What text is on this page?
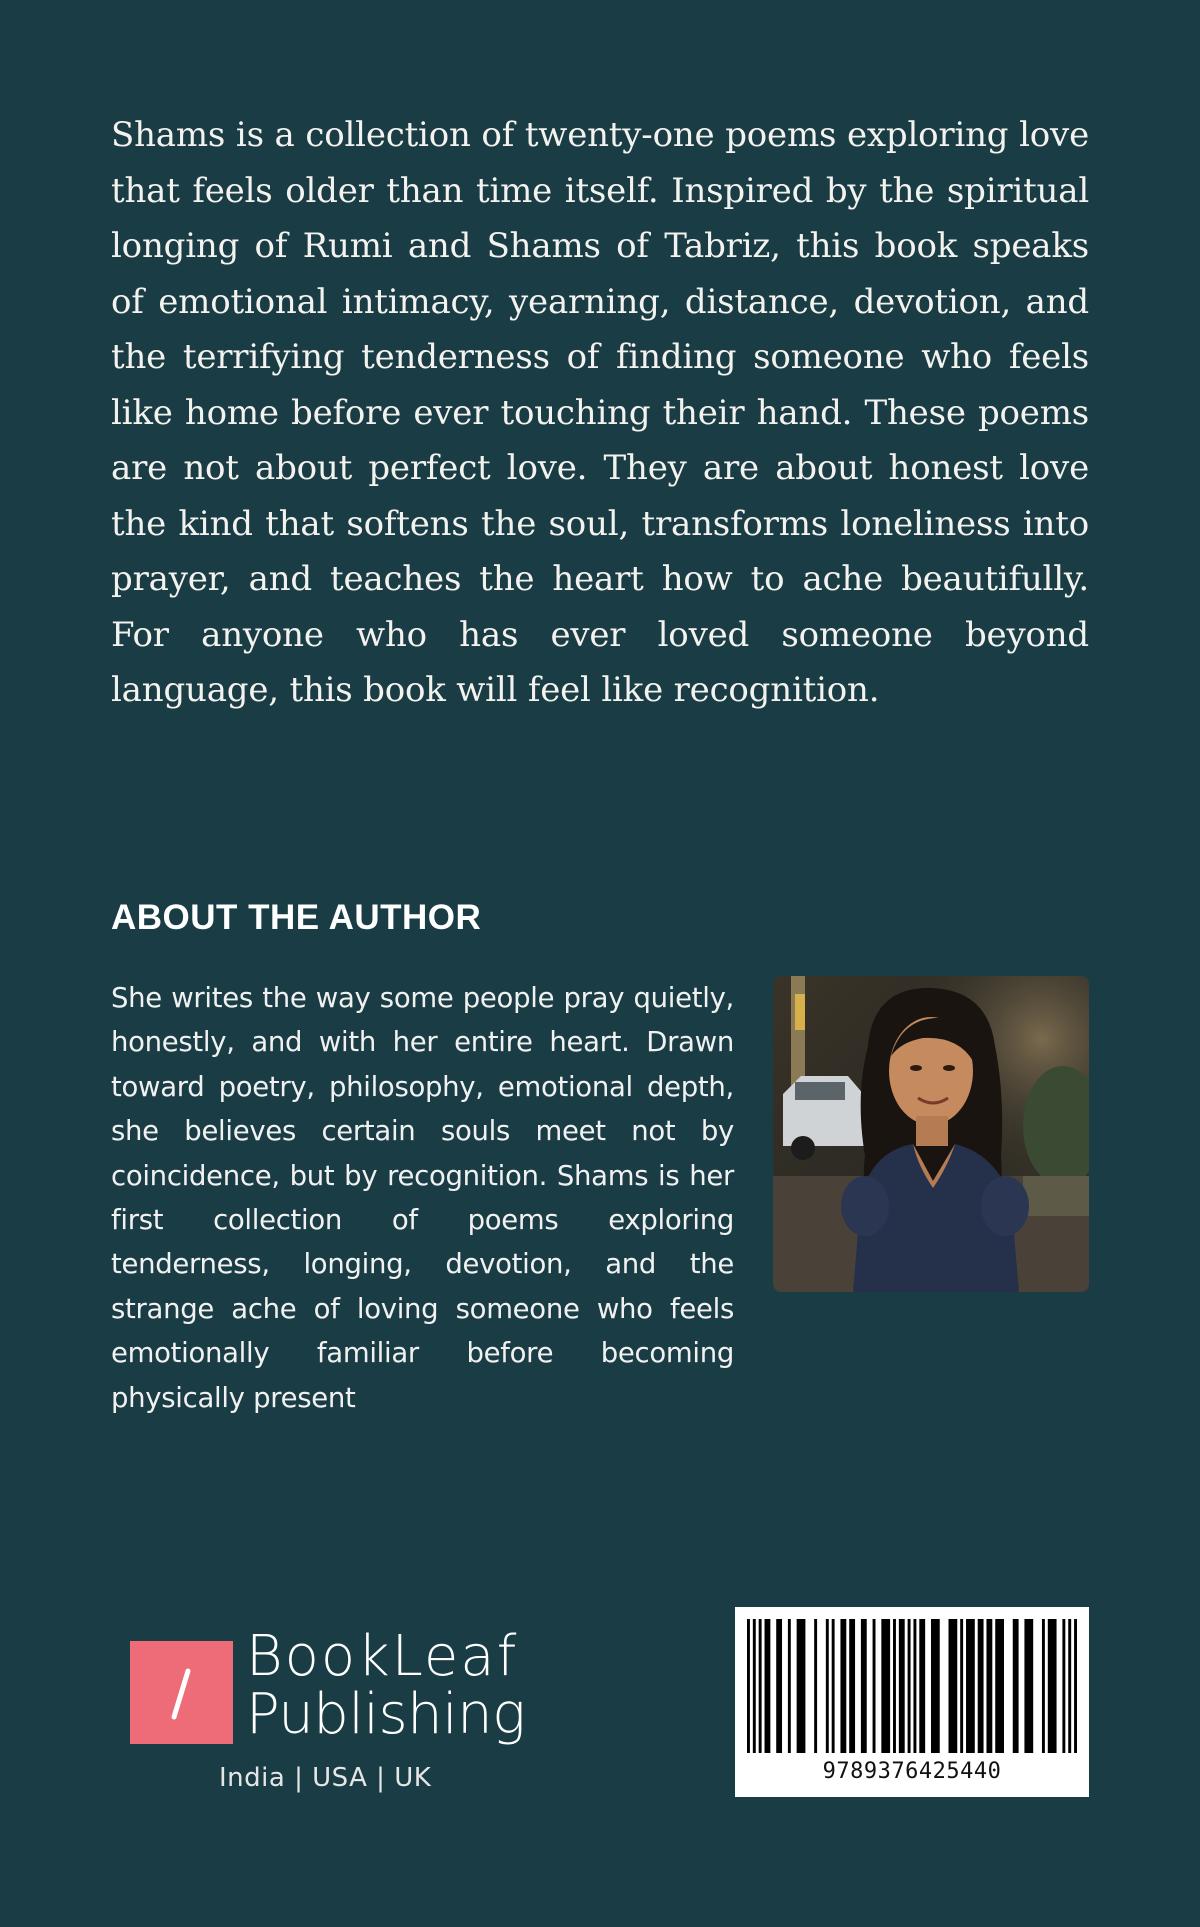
Shams is a collection of twenty-one poems exploring love that feels older than time itself. Inspired by the spiritual longing of Rumi and Shams of Tabriz, this book speaks of emotional intimacy, yearning, distance, devotion, and the terrifying tenderness of finding someone who feels like home before ever touching their hand. These poems are not about perfect love. They are about honest love the kind that softens the soul, transforms loneliness into prayer, and teaches the heart how to ache beautifully. For anyone who has ever loved someone beyond language, this book will feel like recognition.

ABOUT THE AUTHOR

She writes the way some people pray quietly, honestly, and with her entire heart. Drawn toward poetry, philosophy, emotional depth, she believes certain souls meet not by coincidence, but by recognition. Shams is her first collection of poems exploring tenderness, longing, devotion, and the strange ache of loving someone who feels emotionally familiar before becoming physically present

BookLeaf
Publishing
India | USA | UK	9789376425440
